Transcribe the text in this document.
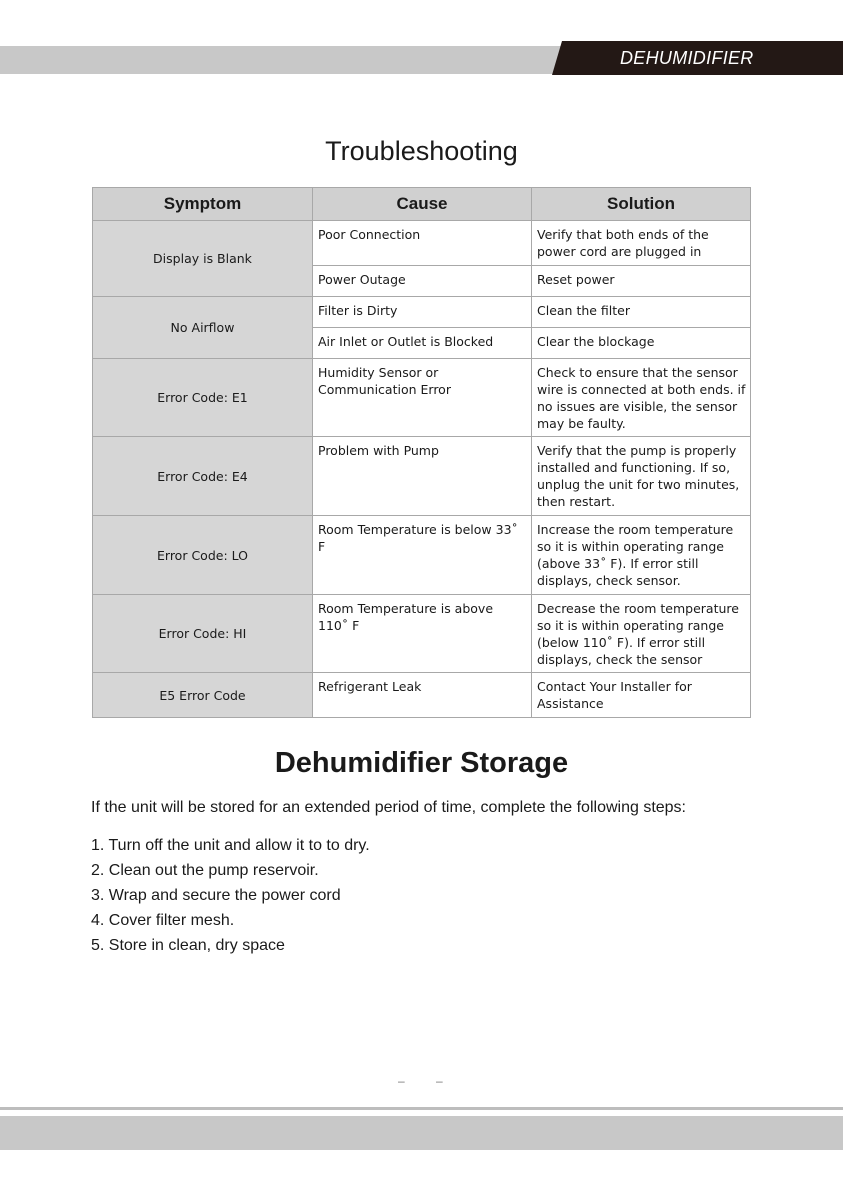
DEHUMIDIFIER
Troubleshooting
Symptom	Cause	Solution
Display is Blank	Poor Connection	Verify that both ends of the power cord are plugged in
	Power Outage	Reset power
No Airflow	Filter is Dirty	Clean the filter
	Air Inlet or Outlet is Blocked	Clear the blockage
Error Code: E1	Humidity Sensor or Communication Error	Check to ensure that the sensor wire is connected at both ends. if no issues are visible, the sensor may be faulty.
Error Code: E4	Problem with Pump	Verify that the pump is properly installed and functioning. If so, unplug the unit for two minutes, then restart.
Error Code: LO	Room Temperature is below 33˚ F	Increase the room temperature so it is within operating range (above 33˚ F). If error still displays, check sensor.
Error Code: HI	Room Temperature is above 110˚ F	Decrease the room temperature so it is within operating range (below 110˚ F). If error still displays, check the sensor
E5 Error Code	Refrigerant Leak	Contact Your Installer for Assistance
Dehumidifier Storage
If the unit will be stored for an extended period of time, complete the following steps:
1. Turn off the unit and allow it to to dry.
2. Clean out the pump reservoir.
3. Wrap and secure the power cord
4. Cover filter mesh.
5. Store in clean, dry space
– –
